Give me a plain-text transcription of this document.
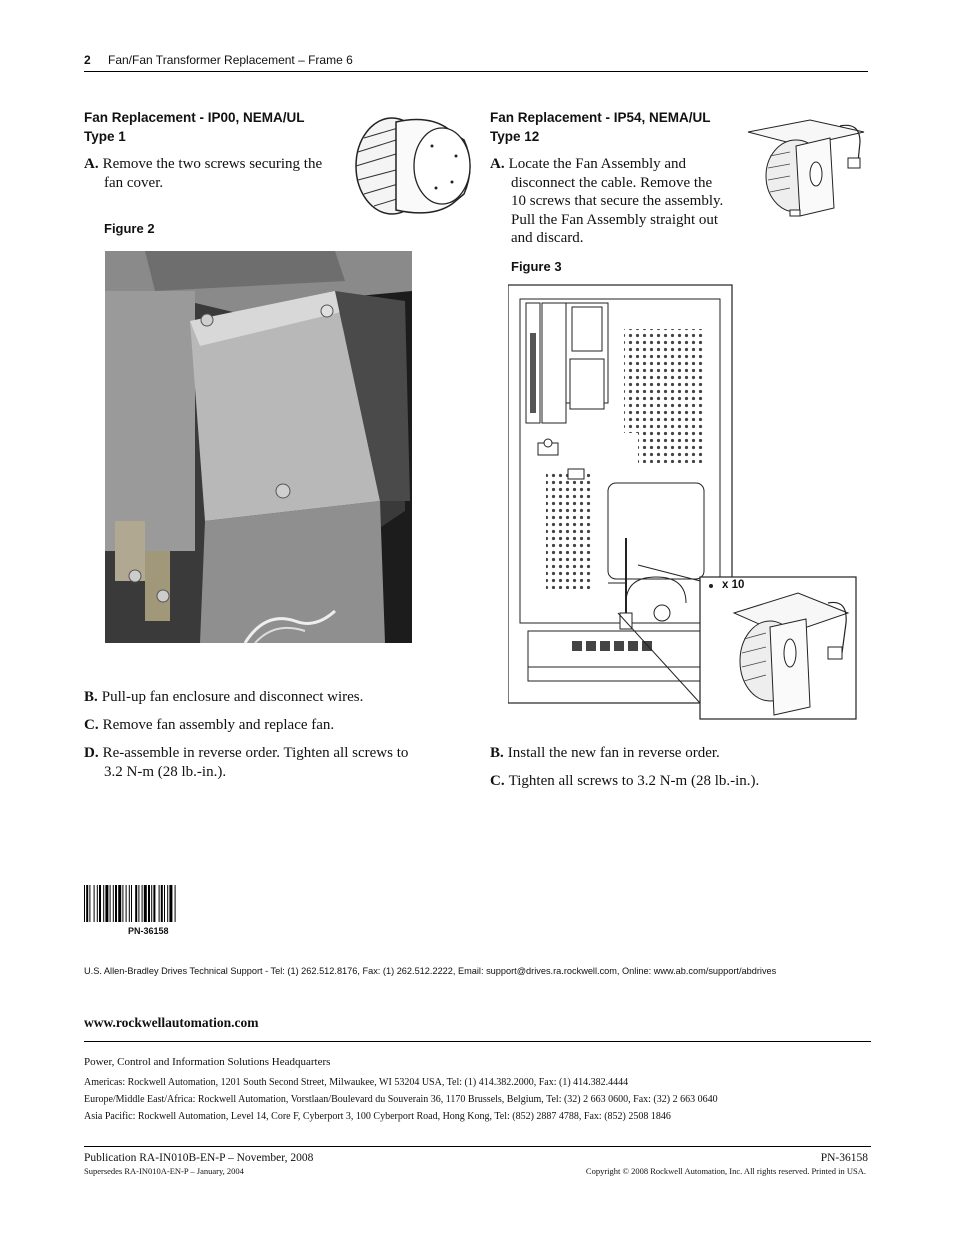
2 Fan/Fan Transformer Replacement – Frame 6
Fan Replacement - IP00, NEMA/UL
Type 1
A. Remove the two screws securing the
fan cover.
Figure 2
B. Pull-up fan enclosure and disconnect wires.
C. Remove fan assembly and replace fan.
D. Re-assemble in reverse order. Tighten all screws to
3.2 N-m (28 lb.-in.).
Fan Replacement - IP54, NEMA/UL
Type 12
A. Locate the Fan Assembly and
disconnect the cable. Remove the
10 screws that secure the assembly.
Pull the Fan Assembly straight out
and discard.
Figure 3
x 10
B. Install the new fan in reverse order.
C. Tighten all screws to 3.2 N-m (28 lb.-in.).
PN-36158
U.S. Allen-Bradley Drives Technical Support - Tel: (1) 262.512.8176, Fax: (1) 262.512.2222, Email: support@drives.ra.rockwell.com, Online: www.ab.com/support/abdrives
www.rockwellautomation.com
Power, Control and Information Solutions Headquarters
Americas: Rockwell Automation, 1201 South Second Street, Milwaukee, WI 53204 USA, Tel: (1) 414.382.2000, Fax: (1) 414.382.4444
Europe/Middle East/Africa: Rockwell Automation, Vorstlaan/Boulevard du Souverain 36, 1170 Brussels, Belgium, Tel: (32) 2 663 0600, Fax: (32) 2 663 0640
Asia Pacific: Rockwell Automation, Level 14, Core F, Cyberport 3, 100 Cyberport Road, Hong Kong, Tel: (852) 2887 4788, Fax: (852) 2508 1846
Publication RA-IN010B-EN-P – November, 2008
Supersedes RA-IN010A-EN-P – January, 2004
PN-36158
Copyright © 2008 Rockwell Automation, Inc. All rights reserved. Printed in USA.
